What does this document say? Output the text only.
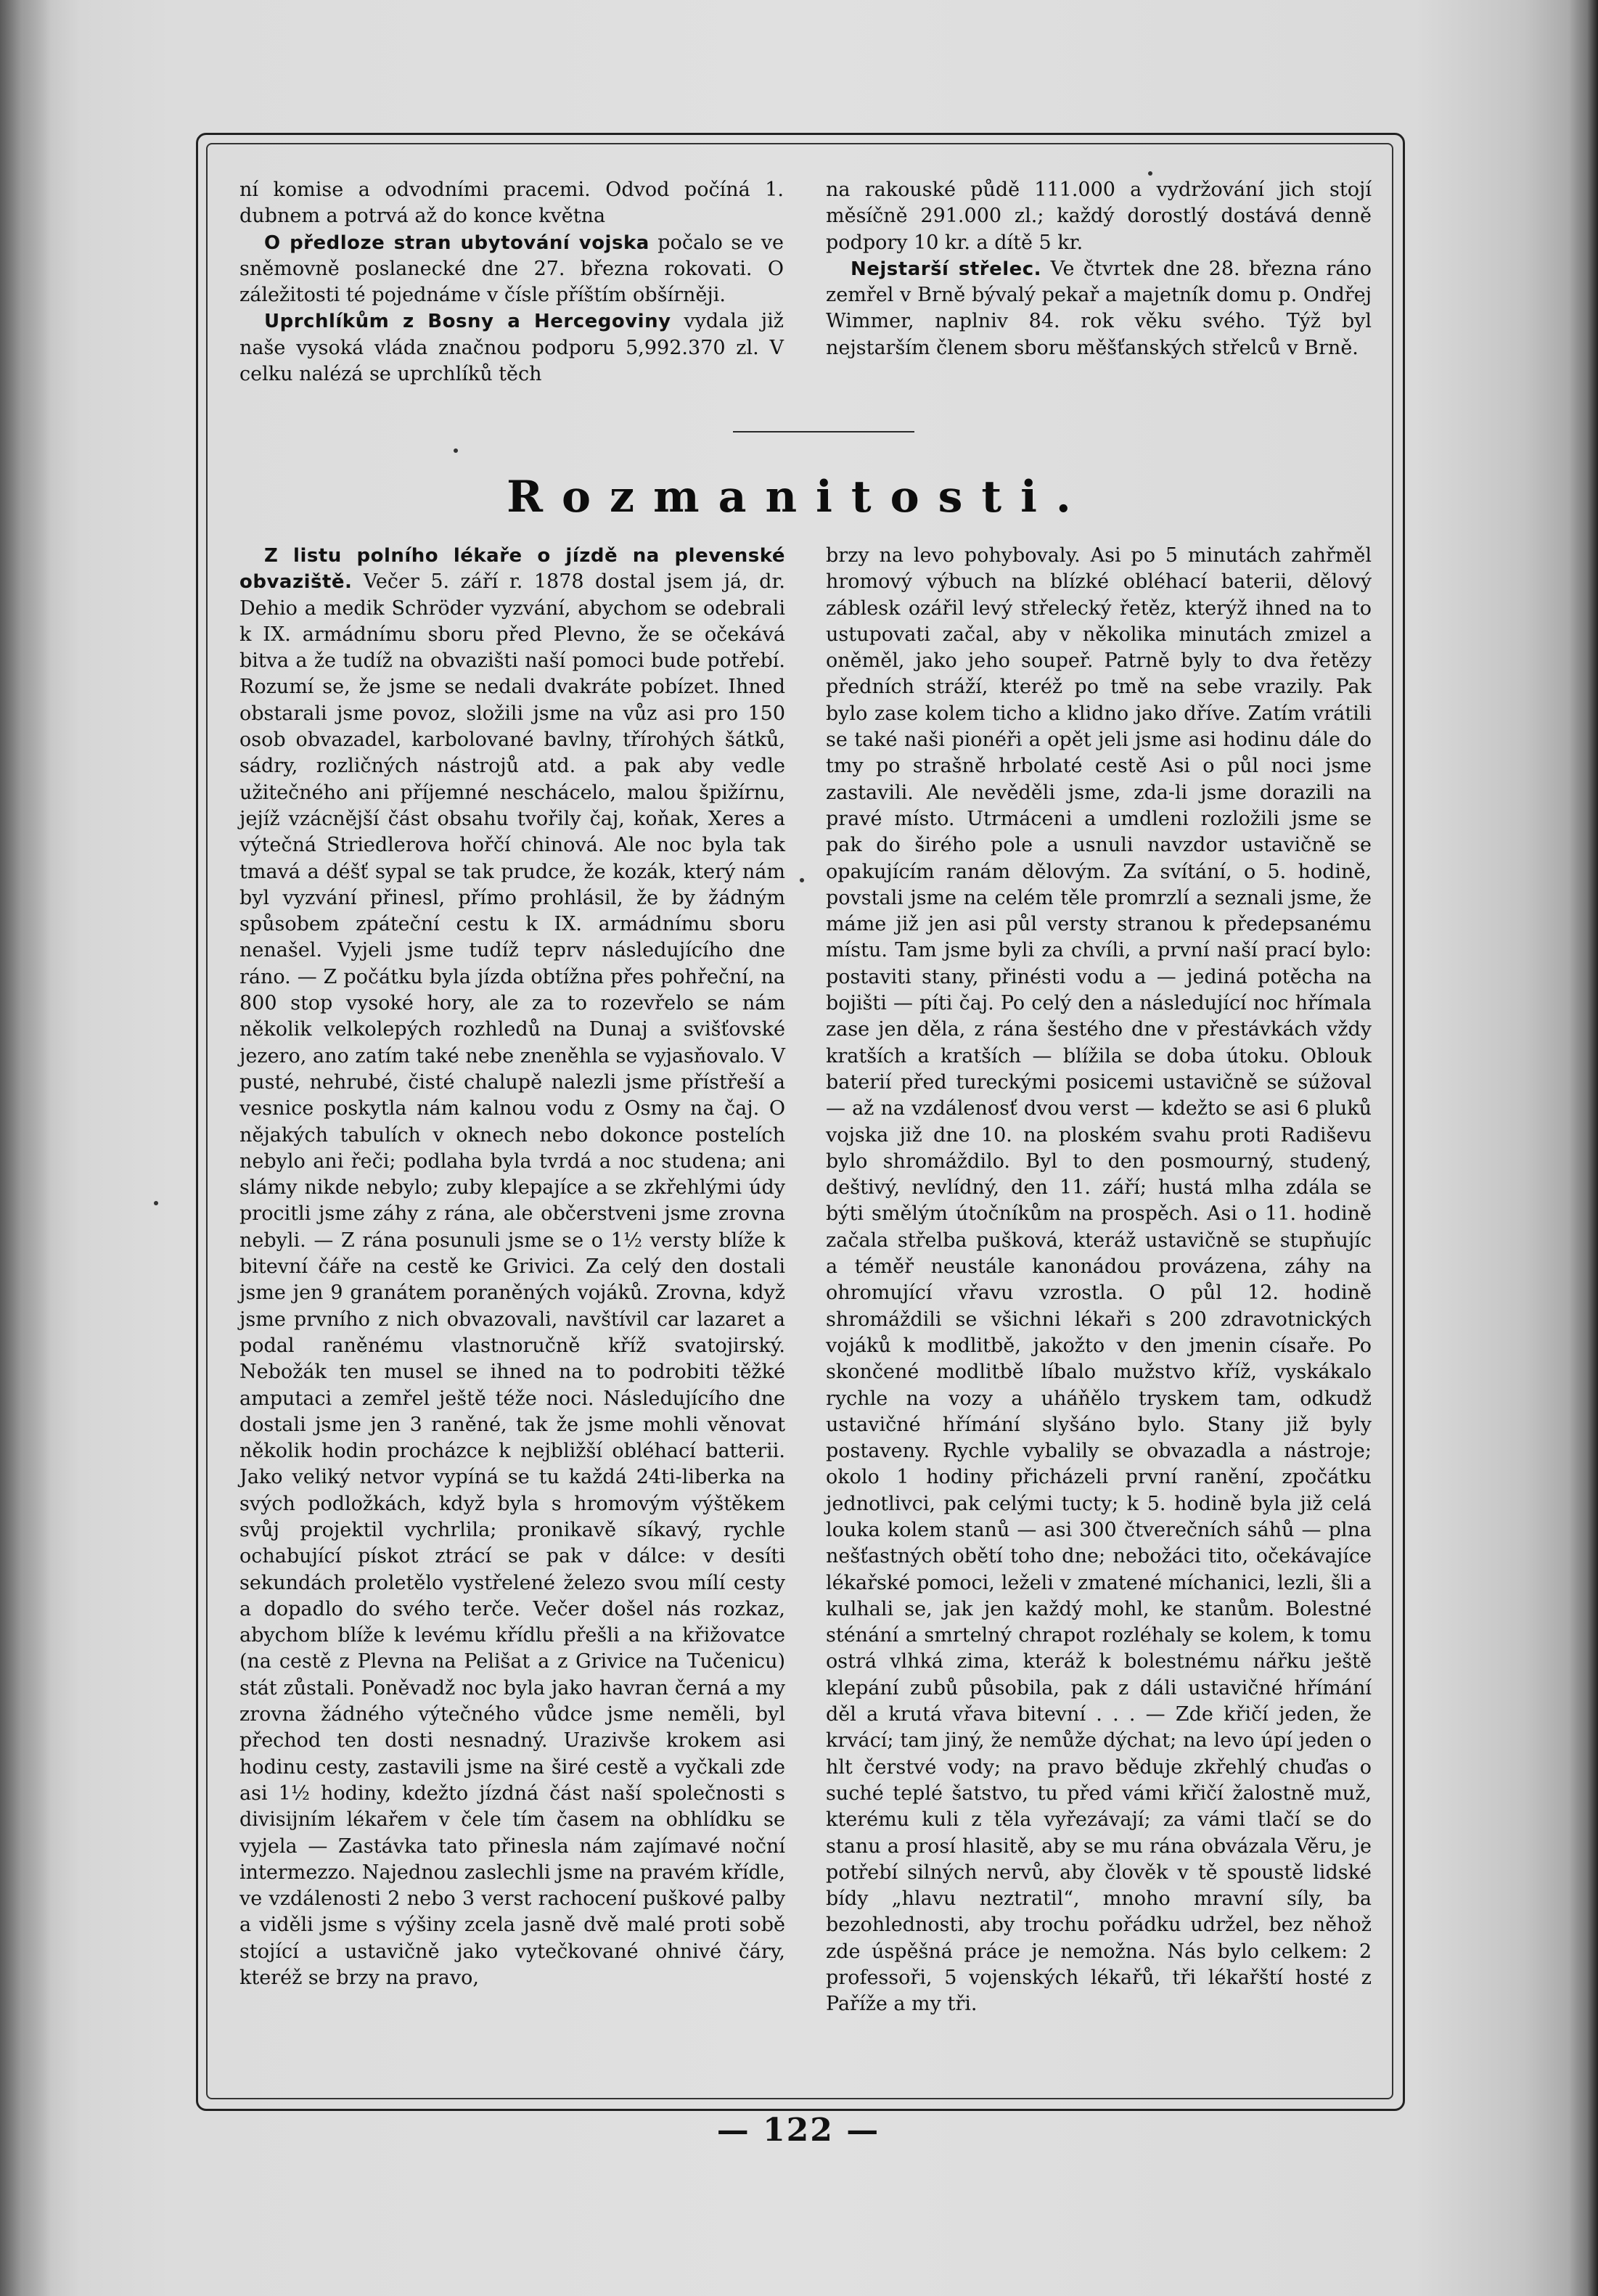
ní komise a odvodními pracemi. Odvod počíná 1. dubnem a potrvá až do konce května

O předloze stran ubytování vojska počalo se ve sněmovně poslanecké dne 27. března rokovati. O záležitosti té pojednáme v čísle příštím obšírněji.

Uprchlíkům z Bosny a Hercegoviny vydala již naše vysoká vláda značnou podporu 5,992.370 zl. V celku nalézá se uprchlíků těch

na rakouské půdě 111.000 a vydržování jich stojí měsíčně 291.000 zl.; každý dorostlý dostává denně podpory 10 kr. a dítě 5 kr.

Nejstarší střelec. Ve čtvrtek dne 28. března ráno zemřel v Brně bývalý pekař a majetník domu p. Ondřej Wimmer, naplniv 84. rok věku svého. Týž byl nejstarším členem sboru měšťanských střelců v Brně.

Rozmanitosti.

Z listu polního lékaře o jízdě na plevenské obvaziště. Večer 5. září r. 1878 dostal jsem já, dr. Dehio a medik Schröder vyzvání, abychom se odebrali k IX. armádnímu sboru před Plevno, že se očekává bitva a že tudíž na obvazišti naší pomoci bude potřebí. Rozumí se, že jsme se nedali dvakráte pobízet. Ihned obstarali jsme povoz, složili jsme na vůz asi pro 150 osob obvazadel, karbolované bavlny, třírohých šátků, sádry, rozličných nástrojů atd. a pak aby vedle užitečného ani příjemné neschácelo, malou špižírnu, jejíž vzácnější část obsahu tvořily čaj, koňak, Xeres a výtečná Striedlerova hořčí chinová. Ale noc byla tak tmavá a déšť sypal se tak prudce, že kozák, který nám byl vyzvání přinesl, přímo prohlásil, že by žádným spůsobem zpáteční cestu k IX. armádnímu sboru nenašel. Vyjeli jsme tudíž teprv následujícího dne ráno. — Z počátku byla jízda obtížna přes pohřeční, na 800 stop vysoké hory, ale za to rozevřelo se nám několik velkolepých rozhledů na Dunaj a svišťovské jezero, ano zatím také nebe zneněhla se vyjasňovalo. V pusté, nehrubé, čisté chalupě nalezli jsme přístřeší a vesnice poskytla nám kalnou vodu z Osmy na čaj. O nějakých tabulích v oknech nebo dokonce postelích nebylo ani řeči; podlaha byla tvrdá a noc studena; ani slámy nikde nebylo; zuby klepajíce a se zkřehlými údy procitli jsme záhy z rána, ale občerstveni jsme zrovna nebyli. — Z rána posunuli jsme se o 1½ versty blíže k bitevní čáře na cestě ke Grivici. Za celý den dostali jsme jen 9 granátem poraněných vojáků. Zrovna, když jsme prvního z nich obvazovali, navštívil car lazaret a podal raněnému vlastnoručně kříž svatojirský. Nebožák ten musel se ihned na to podrobiti těžké amputaci a zemřel ještě téže noci. Následujícího dne dostali jsme jen 3 raněné, tak že jsme mohli věnovat několik hodin procházce k nejbližší obléhací batterii. Jako veliký netvor vypíná se tu každá 24ti-liberka na svých podložkách, když byla s hromovým výštěkem svůj projektil vychrlila; pronikavě síkavý, rychle ochabující pískot ztrácí se pak v dálce: v desíti sekundách proletělo vystřelené železo svou mílí cesty a dopadlo do svého terče. Večer došel nás rozkaz, abychom blíže k levému křídlu přešli a na křižovatce (na cestě z Plevna na Pelišat a z Grivice na Tučenicu) stát zůstali. Poněvadž noc byla jako havran černá a my zrovna žádného výtečného vůdce jsme neměli, byl přechod ten dosti nesnadný. Urazivše krokem asi hodinu cesty, zastavili jsme na širé cestě a vyčkali zde asi 1½ hodiny, kdežto jízdná část naší společnosti s divisijním lékařem v čele tím časem na obhlídku se vyjela — Zastávka tato přinesla nám zajímavé noční intermezzo. Najednou zaslechli jsme na pravém křídle, ve vzdálenosti 2 nebo 3 verst rachocení puškové palby a viděli jsme s výšiny zcela jasně dvě malé proti sobě stojící a ustavičně jako vytečkované ohnivé čáry, kteréž se brzy na pravo,

brzy na levo pohybovaly. Asi po 5 minutách zahřměl hromový výbuch na blízké obléhací baterii, dělový záblesk ozářil levý střelecký řetěz, kterýž ihned na to ustupovati začal, aby v několika minutách zmizel a oněměl, jako jeho soupeř. Patrně byly to dva řetězy předních stráží, kteréž po tmě na sebe vrazily. Pak bylo zase kolem ticho a klidno jako dříve. Zatím vrátili se také naši pionéři a opět jeli jsme asi hodinu dále do tmy po strašně hrbolaté cestě Asi o půl noci jsme zastavili. Ale nevěděli jsme, zda-li jsme dorazili na pravé místo. Utrmáceni a umdleni rozložili jsme se pak do širého pole a usnuli navzdor ustavičně se opakujícím ranám dělovým. Za svítání, o 5. hodině, povstali jsme na celém těle promrzlí a seznali jsme, že máme již jen asi půl versty stranou k předepsanému místu. Tam jsme byli za chvíli, a první naší prací bylo: postaviti stany, přinésti vodu a — jediná potěcha na bojišti — píti čaj. Po celý den a následující noc hřímala zase jen děla, z rána šestého dne v přestávkách vždy kratších a kratších — blížila se doba útoku. Oblouk baterií před tureckými posicemi ustavičně se súžoval — až na vzdálenosť dvou verst — kdežto se asi 6 pluků vojska již dne 10. na ploském svahu proti Radiševu bylo shromáždilo. Byl to den posmourný, studený, deštivý, nevlídný, den 11. září; hustá mlha zdála se býti smělým útočníkům na prospěch. Asi o 11. hodině začala střelba pušková, kteráž ustavičně se stupňujíc a téměř neustále kanonádou provázena, záhy na ohromující vřavu vzrostla. O půl 12. hodině shromáždili se všichni lékaři s 200 zdravotnických vojáků k modlitbě, jakožto v den jmenin císaře. Po skončené modlitbě líbalo mužstvo kříž, vyskákalo rychle na vozy a uháňělo tryskem tam, odkudž ustavičné hřímání slyšáno bylo. Stany již byly postaveny. Rychle vybalily se obvazadla a nástroje; okolo 1 hodiny přicházeli první ranění, zpočátku jednotlivci, pak celými tucty; k 5. hodině byla již celá louka kolem stanů — asi 300 čtverečních sáhů — plna nešťastných obětí toho dne; nebožáci tito, očekávajíce lékařské pomoci, leželi v zmatené míchanici, lezli, šli a kulhali se, jak jen každý mohl, ke stanům. Bolestné sténání a smrtelný chrapot rozléhaly se kolem, k tomu ostrá vlhká zima, kteráž k bolestnému nářku ještě klepání zubů působila, pak z dáli ustavičné hřímání děl a krutá vřava bitevní . . . — Zde křičí jeden, že krvácí; tam jiný, že nemůže dýchat; na levo úpí jeden o hlt čerstvé vody; na pravo běduje zkřehlý chuďas o suché teplé šatstvo, tu před vámi křičí žalostně muž, kterému kuli z těla vyřezávají; za vámi tlačí se do stanu a prosí hlasitě, aby se mu rána obvázala Věru, je potřebí silných nervů, aby člověk v tě spoustě lidské bídy „hlavu neztratil“, mnoho mravní síly, ba bezohlednosti, aby trochu pořádku udržel, bez něhož zde úspěšná práce je nemožna. Nás bylo celkem: 2 professoři, 5 vojenských lékařů, tři lékařští hosté z Paříže a my tři.

— 122 —
